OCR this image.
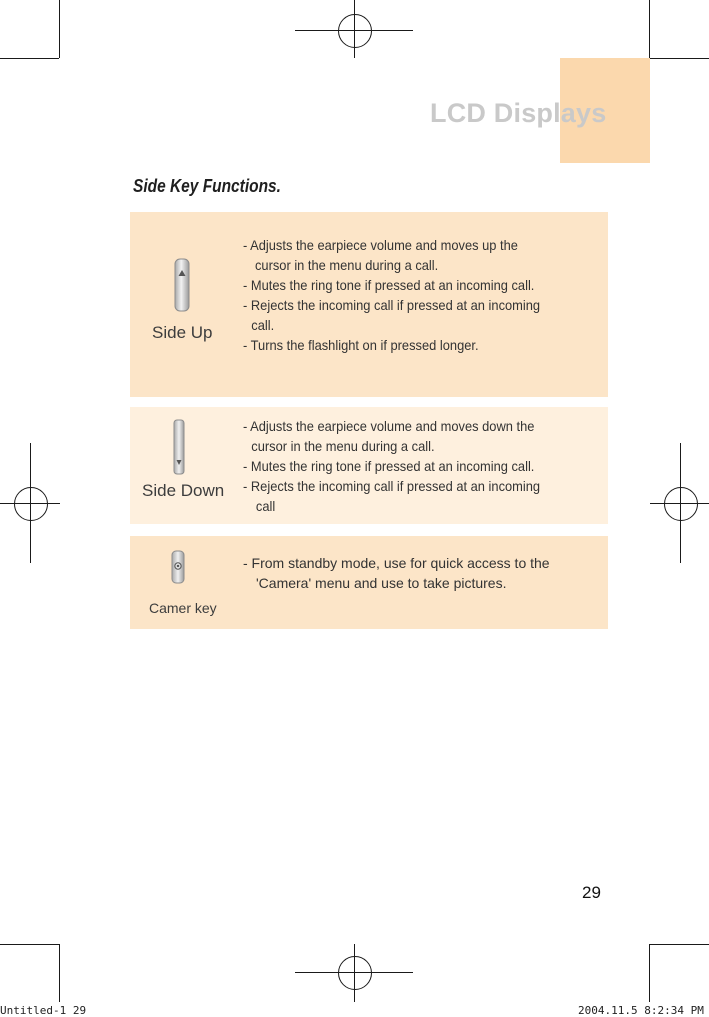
LCD Displays
Side Key Functions.
Side Up
- Adjusts the earpiece volume and moves up the
cursor in the menu during a call.
- Mutes the ring tone if pressed at an incoming call.
- Rejects the incoming call if pressed at an incoming
call.
- Turns the flashlight on if pressed longer.
Side Down
- Adjusts the earpiece volume and moves down the
cursor in the menu during a call.
- Mutes the ring tone if pressed at an incoming call.
- Rejects the incoming call if pressed at an incoming
call
Camer key
- From standby mode, use for quick access to the
'Camera' menu and use to take pictures.
29
Untitled-1 29	2004.11.5 8:2:34 PM
